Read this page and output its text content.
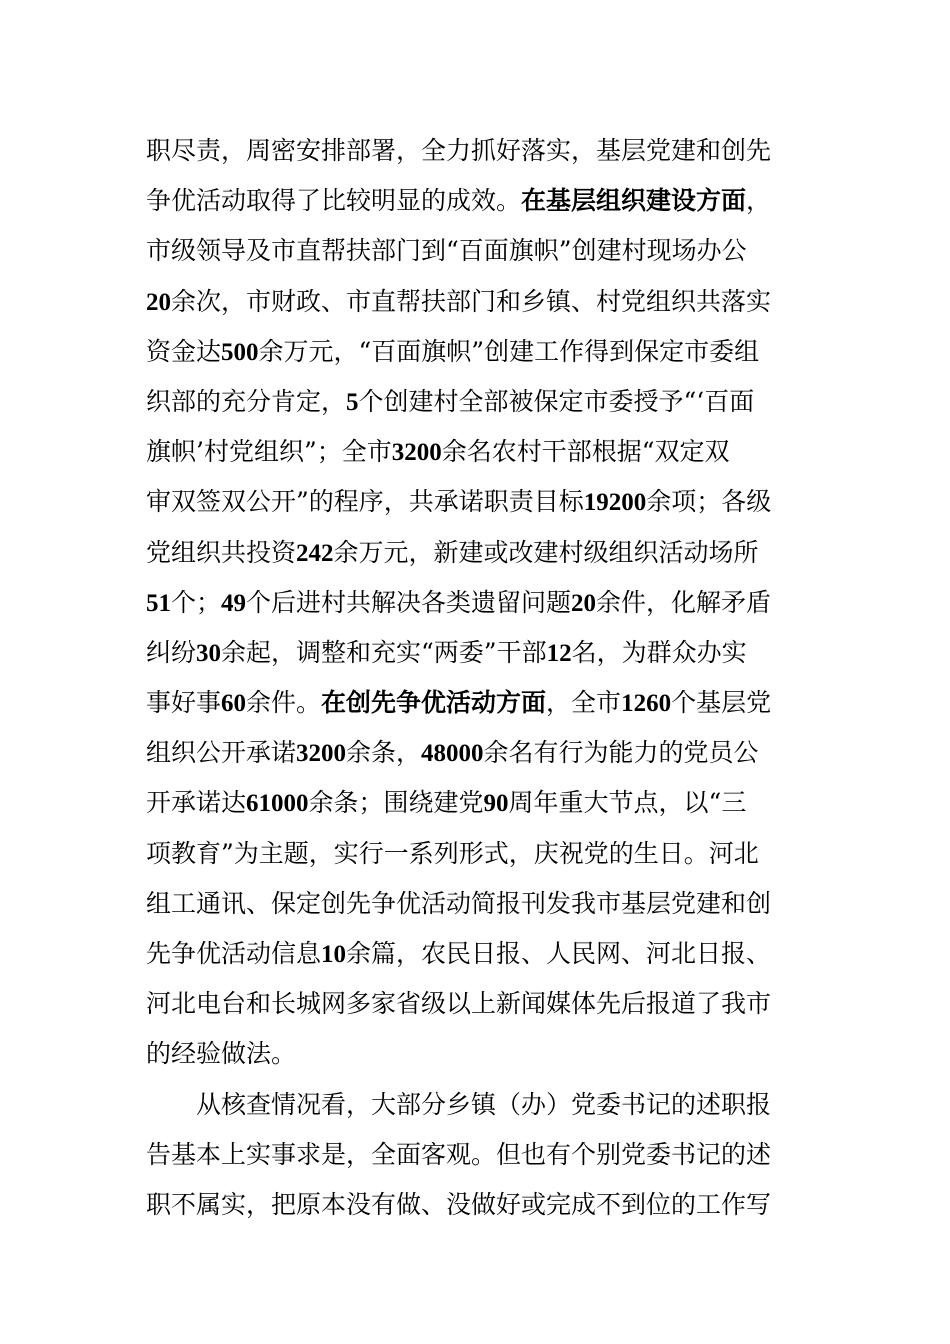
职尽责，周密安排部署，全力抓好落实，基层党建和创先
争优活动取得了比较明显的成效。在基层组织建设方面，
市级领导及市直帮扶部门到“百面旗帜”创建村现场办公
20余次，市财政、市直帮扶部门和乡镇、村党组织共落实
资金达500余万元，“百面旗帜”创建工作得到保定市委组
织部的充分肯定，5个创建村全部被保定市委授予“‘百面
旗帜’村党组织”；全市3200余名农村干部根据“双定双
审双签双公开”的程序，共承诺职责目标19200余项；各级
党组织共投资242余万元，新建或改建村级组织活动场所
51个；49个后进村共解决各类遗留问题20余件，化解矛盾
纠纷30余起，调整和充实“两委”干部12名，为群众办实
事好事60余件。在创先争优活动方面，全市1260个基层党
组织公开承诺3200余条，48000余名有行为能力的党员公
开承诺达61000余条；围绕建党90周年重大节点，以“三
项教育”为主题，实行一系列形式，庆祝党的生日。河北
组工通讯、保定创先争优活动简报刊发我市基层党建和创
先争优活动信息10余篇，农民日报、人民网、河北日报、
河北电台和长城网多家省级以上新闻媒体先后报道了我市
的经验做法。
从核查情况看，大部分乡镇（办）党委书记的述职报
告基本上实事求是，全面客观。但也有个别党委书记的述
职不属实，把原本没有做、没做好或完成不到位的工作写
